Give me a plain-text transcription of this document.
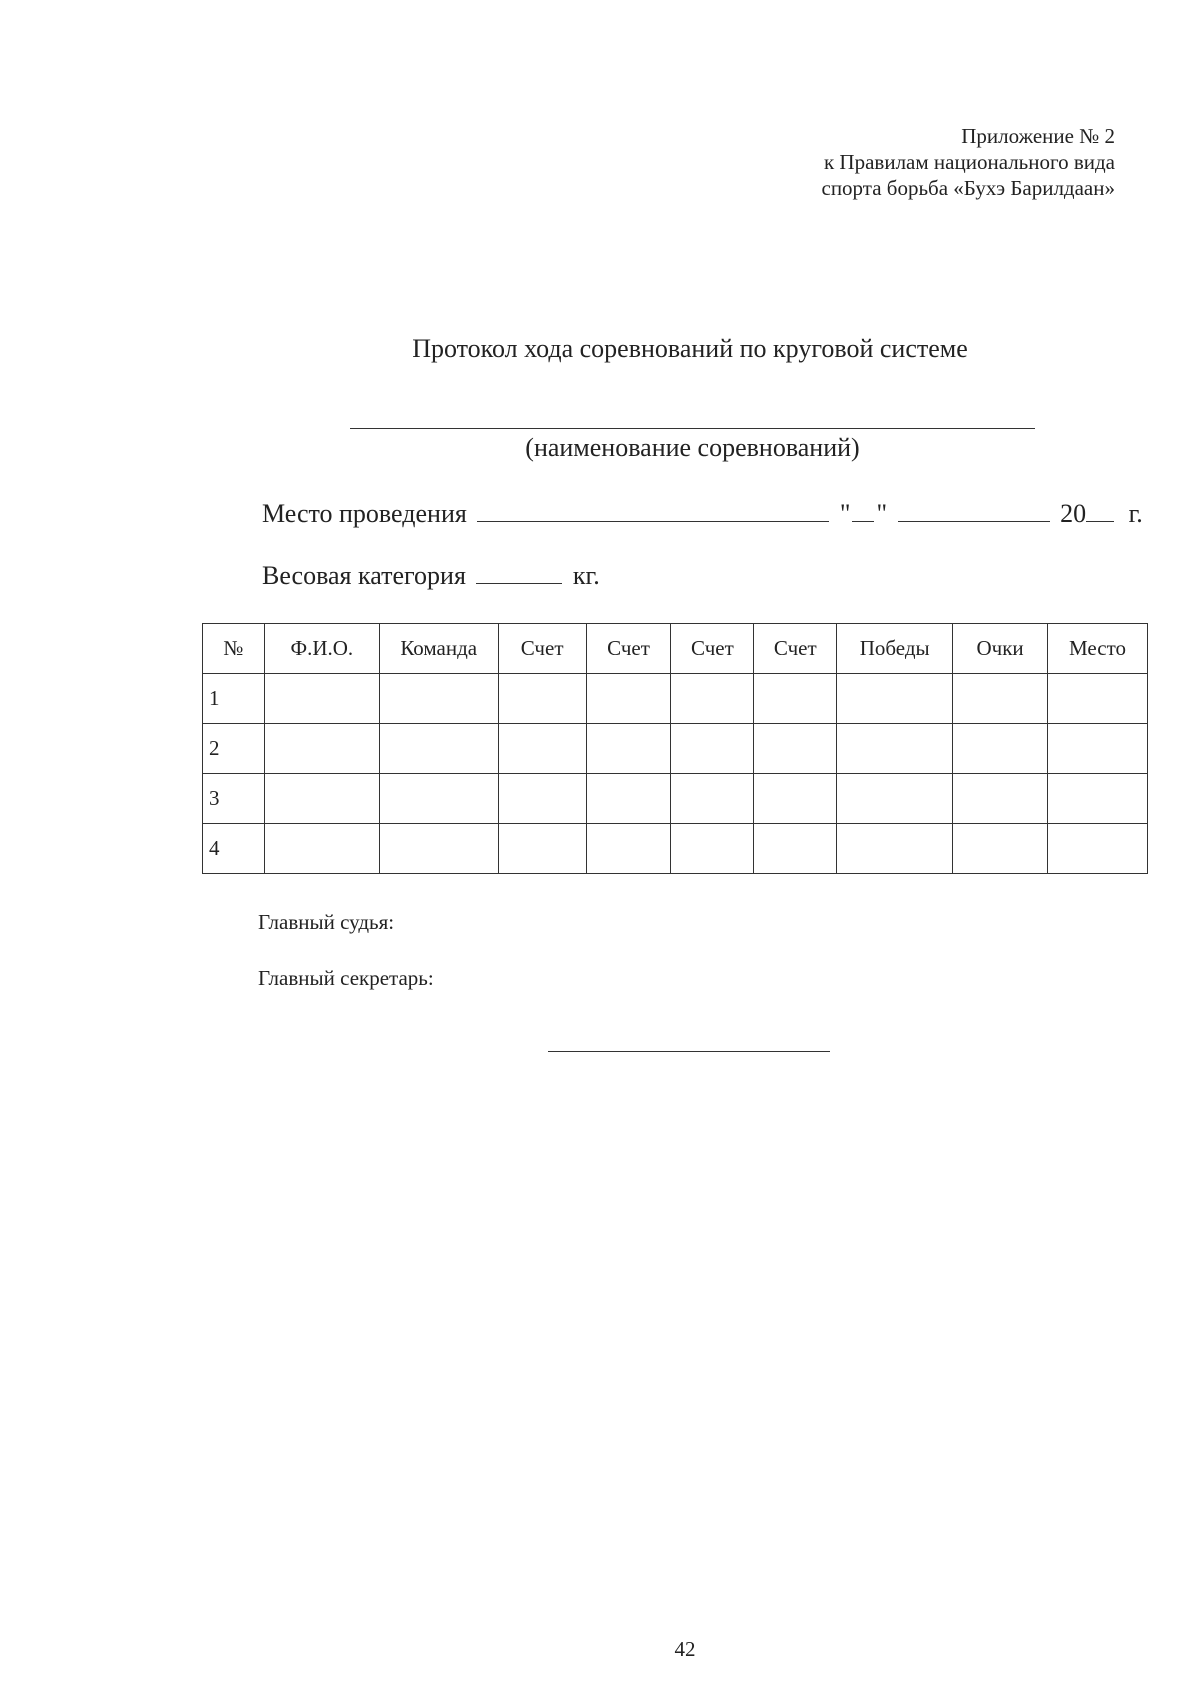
Приложение № 2
к Правилам национального вида
спорта борьба «Бухэ Барилдаан»
Протокол хода соревнований по круговой системе
(наименование соревнований)
Место проведения	" "	20 г.
Весовая категория	кг.
№	Ф.И.О.	Команда	Счет	Счет	Счет	Счет	Победы	Очки	Место
1									
2									
3									
4									
Главный судья:
Главный секретарь:
42
